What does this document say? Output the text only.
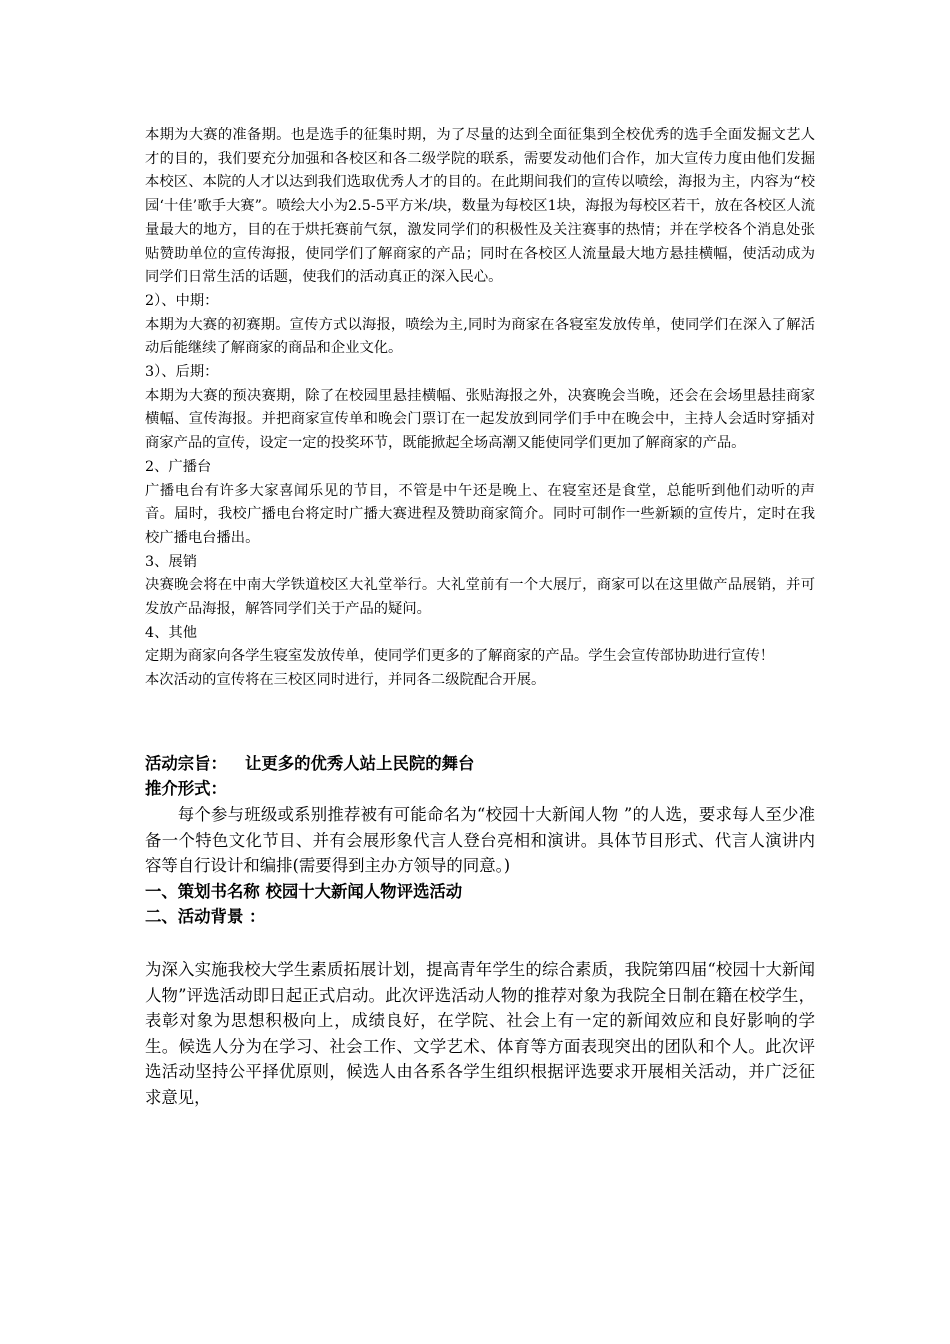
本期为大赛的准备期。也是选手的征集时期，为了尽量的达到全面征集到全校优秀的选手全面发掘文艺人才的目的，我们要充分加强和各校区和各二级学院的联系，需要发动他们合作，加大宣传力度由他们发掘本校区、本院的人才以达到我们选取优秀人才的目的。在此期间我们的宣传以喷绘，海报为主，内容为“校园‘十佳’歌手大赛”。喷绘大小为2.5-5平方米/块，数量为每校区1块，海报为每校区若干，放在各校区人流量最大的地方，目的在于烘托赛前气氛，激发同学们的积极性及关注赛事的热情；并在学校各个消息处张贴赞助单位的宣传海报，使同学们了解商家的产品；同时在各校区人流量最大地方悬挂横幅，使活动成为同学们日常生活的话题，使我们的活动真正的深入民心。

2）、中期：

本期为大赛的初赛期。宣传方式以海报，喷绘为主,同时为商家在各寝室发放传单，使同学们在深入了解活动后能继续了解商家的商品和企业文化。

3）、后期：

本期为大赛的预决赛期，除了在校园里悬挂横幅、张贴海报之外，决赛晚会当晚，还会在会场里悬挂商家横幅、宣传海报。并把商家宣传单和晚会门票订在一起发放到同学们手中在晚会中，主持人会适时穿插对商家产品的宣传，设定一定的投奖环节，既能掀起全场高潮又能使同学们更加了解商家的产品。

2、广播台

广播电台有许多大家喜闻乐见的节目，不管是中午还是晚上、在寝室还是食堂，总能听到他们动听的声音。届时，我校广播电台将定时广播大赛进程及赞助商家简介。同时可制作一些新颖的宣传片，定时在我校广播电台播出。

3、展销

决赛晚会将在中南大学铁道校区大礼堂举行。大礼堂前有一个大展厅，商家可以在这里做产品展销，并可发放产品海报，解答同学们关于产品的疑问。

4、其他

定期为商家向各学生寝室发放传单，使同学们更多的了解商家的产品。学生会宣传部协助进行宣传！

本次活动的宣传将在三校区同时进行，并同各二级院配合开展。

活动宗旨： 让更多的优秀人站上民院的舞台

推介形式：

每个参与班级或系别推荐被有可能命名为“校园十大新闻人物 ”的人选，要求每人至少准备一个特色文化节目、并有会展形象代言人登台亮相和演讲。具体节目形式、代言人演讲内容等自行设计和编排(需要得到主办方领导的同意。)

一、策划书名称 校园十大新闻人物评选活动

二、活动背景 ：

为深入实施我校大学生素质拓展计划，提高青年学生的综合素质，我院第四届“校园十大新闻人物”评选活动即日起正式启动。此次评选活动人物的推荐对象为我院全日制在籍在校学生，表彰对象为思想积极向上，成绩良好，在学院、社会上有一定的新闻效应和良好影响的学生。候选人分为在学习、社会工作、文学艺术、体育等方面表现突出的团队和个人。此次评选活动坚持公平择优原则，候选人由各系各学生组织根据评选要求开展相关活动，并广泛征求意见，
